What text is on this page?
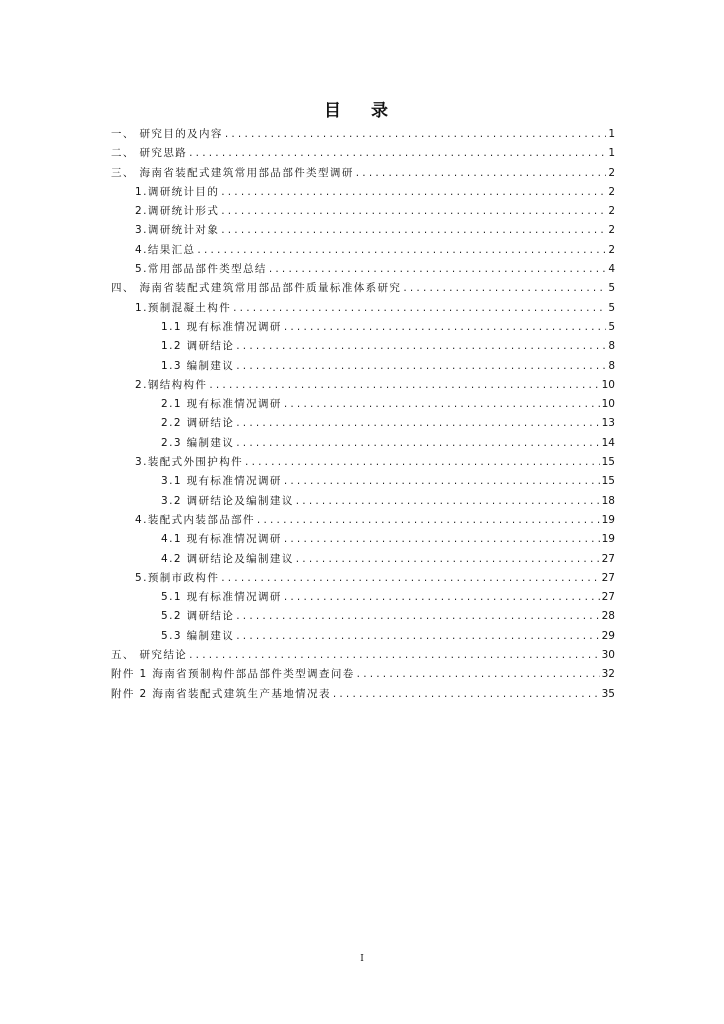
目 录
一、 研究目的及内容 .....	1
二、 研究思路 .....	1
三、 海南省装配式建筑常用部品部件类型调研 .....	2
1.调研统计目的 .....	2
2.调研统计形式 .....	2
3.调研统计对象 .....	2
4.结果汇总 .....	2
5.常用部品部件类型总结 .....	4
四、 海南省装配式建筑常用部品部件质量标准体系研究 .....	5
1.预制混凝土构件 .....	5
1.1 现有标准情况调研 .....	5
1.2 调研结论 .....	8
1.3 编制建议 .....	8
2.钢结构构件 .....	10
2.1 现有标准情况调研 .....	10
2.2 调研结论 .....	13
2.3 编制建议 .....	14
3.装配式外围护构件 .....	15
3.1 现有标准情况调研 .....	15
3.2 调研结论及编制建议 .....	18
4.装配式内装部品部件 .....	19
4.1 现有标准情况调研 .....	19
4.2 调研结论及编制建议 .....	27
5.预制市政构件 .....	27
5.1 现有标准情况调研 .....	27
5.2 调研结论 .....	28
5.3 编制建议 .....	29
五、 研究结论 .....	30
附件 1 海南省预制构件部品部件类型调查问卷 .....	32
附件 2 海南省装配式建筑生产基地情况表 .....	35
I
